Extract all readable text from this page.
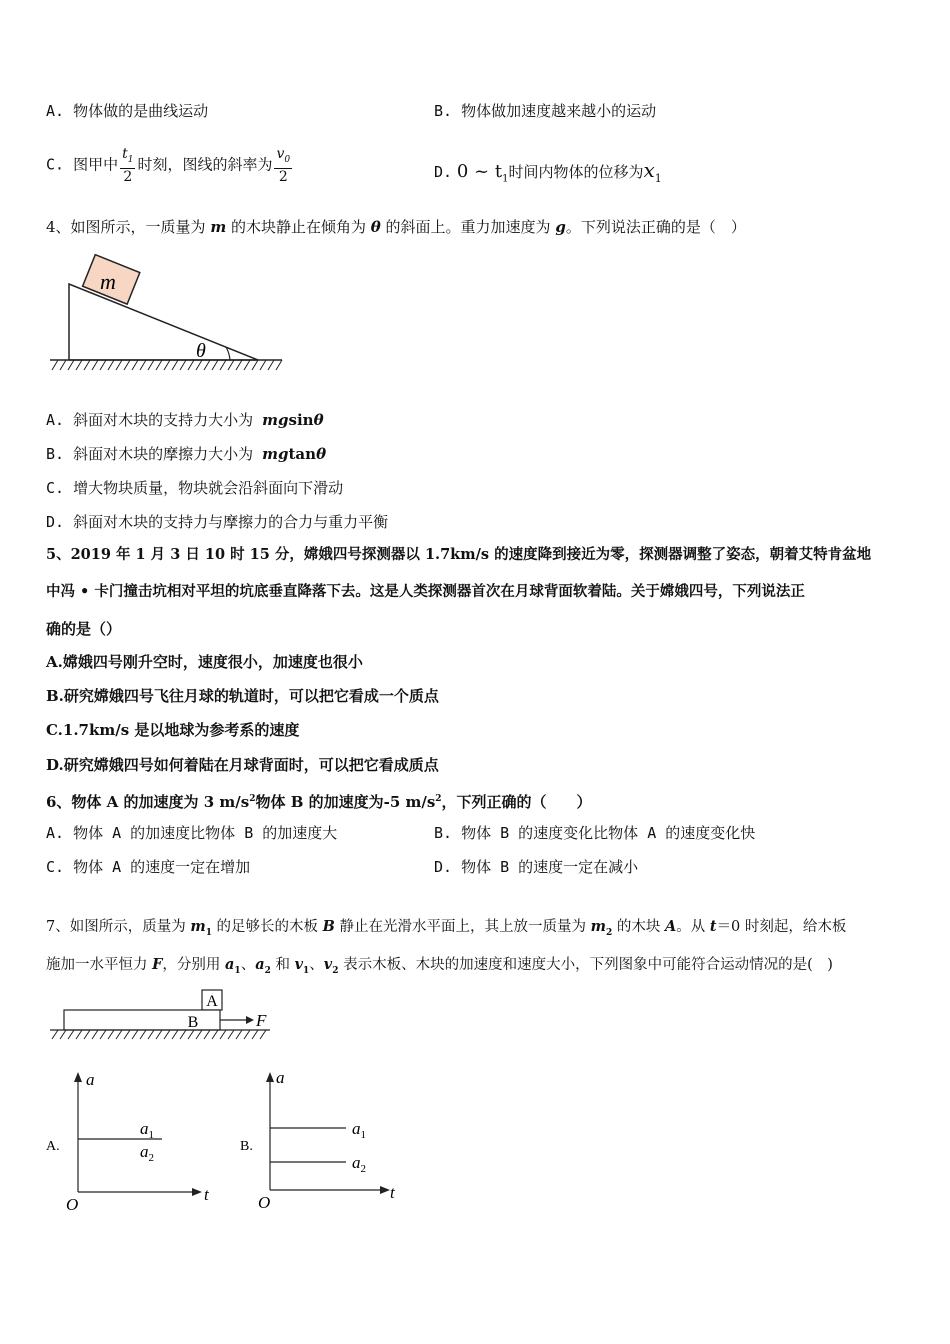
A. 物体做的是曲线运动	B. 物体做加速度越来越小的运动
C. 图甲中 $\frac{t_1}{2}$ 时刻，图线的斜率为 $\frac{v_0}{2}$	D. 0 ~ $t_1$时间内物体的位移为$x_1$
4、如图所示，一质量为 m 的木块静止在倾角为 θ 的斜面上。重力加速度为 g。下列说法正确的是（　）
m
θ
A. 斜面对木块的支持力大小为 mgsinθ
B. 斜面对木块的摩擦力大小为 mgtanθ
C. 增大物块质量，物块就会沿斜面向下滑动
D. 斜面对木块的支持力与摩擦力的合力与重力平衡
5、2019 年 1 月 3 日 10 时 15 分，嫦娥四号探测器以 1.7km/s 的速度降到接近为零，探测器调整了姿态，朝着艾特肯盆地
中冯 • 卡门撞击坑相对平坦的坑底垂直降落下去。这是人类探测器首次在月球背面软着陆。关于嫦娥四号，下列说法正
确的是（）
A.嫦娥四号刚升空时，速度很小，加速度也很小
B.研究嫦娥四号飞往月球的轨道时，可以把它看成一个质点
C.1.7km/s 是以地球为参考系的速度
D.研究嫦娥四号如何着陆在月球背面时，可以把它看成质点
6、物体 A 的加速度为 3 $m/s^2$物体 B 的加速度为-5 $m/s^2$，下列正确的（　　）
A. 物体 A 的加速度比物体 B 的加速度大	B. 物体 B 的速度变化比物体 A 的速度变化快
C. 物体 A 的速度一定在增加	D. 物体 B 的速度一定在减小
7、如图所示，质量为 $m_1$ 的足够长的木板 B 静止在光滑水平面上，其上放一质量为 $m_2$ 的木块 A。从 t＝0 时刻起，给木板
施加一水平恒力 F，分别用 $a_1$、$a_2$ 和 $v_1$、$v_2$ 表示木板、木块的加速度和速度大小，下列图象中可能符合运动情况的是(　)
A
B	F
A.
a
t
O
$a_1$
$a_2$
B.
a
t
O
$a_1$
$a_2$
